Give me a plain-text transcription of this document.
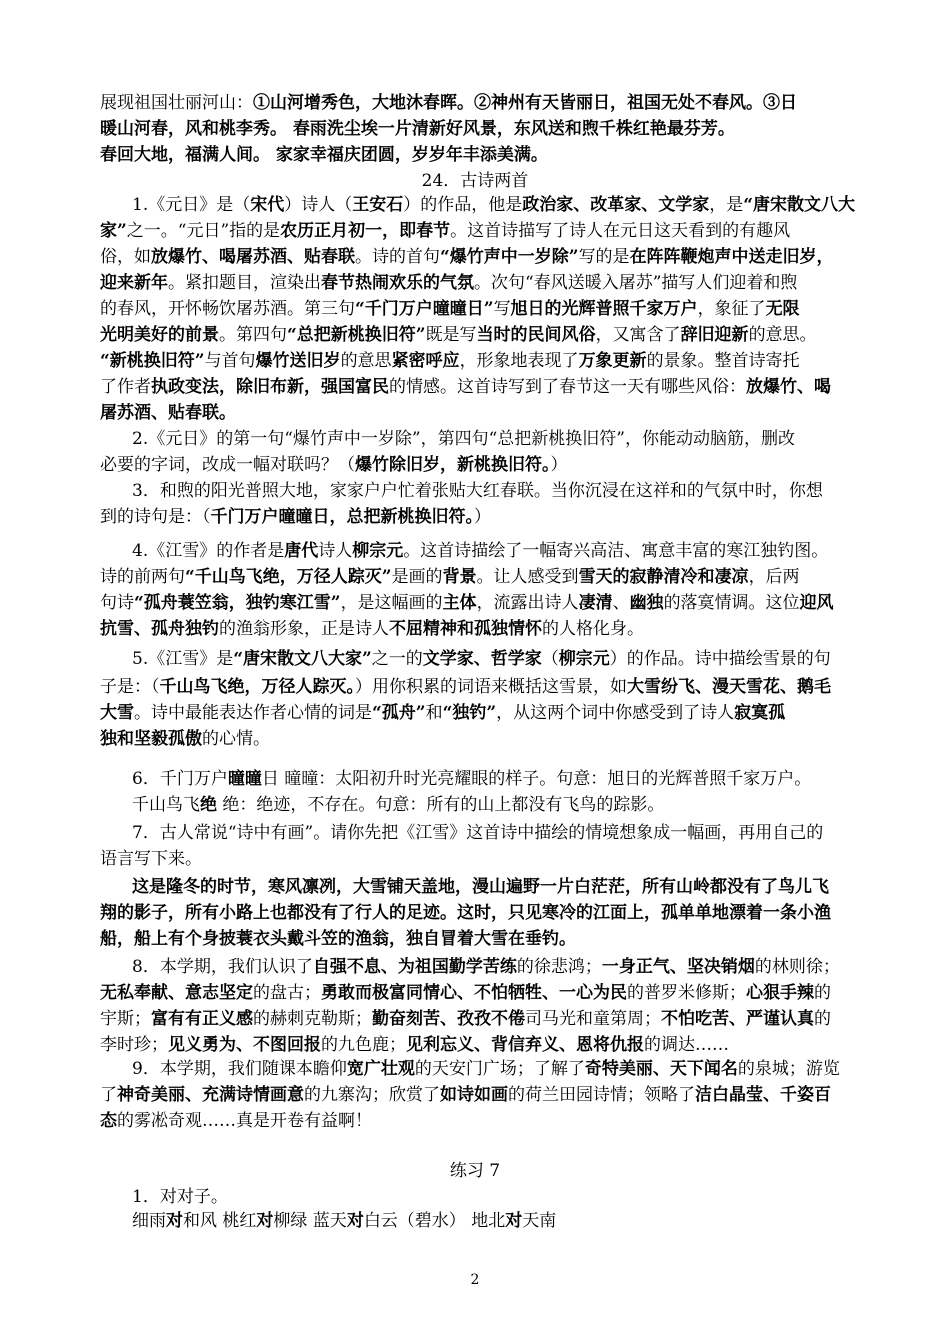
展现祖国壮丽河山：①山河增秀色，大地沐春晖。②神州有天皆丽日，祖国无处不春风。③日
暖山河春，风和桃李秀。 春雨洗尘埃一片清新好风景，东风送和煦千株红艳最芬芳。
春回大地，福满人间。 家家幸福庆团圆，岁岁年丰添美满。
24．古诗两首
1.《元日》是（宋代）诗人（王安石）的作品，他是政治家、改革家、文学家，是“唐宋散文八大
家”之一。“元日”指的是农历正月初一，即春节。这首诗描写了诗人在元日这天看到的有趣风
俗，如放爆竹、喝屠苏酒、贴春联。诗的首句“爆竹声中一岁除”写的是在阵阵鞭炮声中送走旧岁，
迎来新年。紧扣题目，渲染出春节热闹欢乐的气氛。次句“春风送暖入屠苏”描写人们迎着和煦
的春风，开怀畅饮屠苏酒。第三句“千门万户曈曈日”写旭日的光辉普照千家万户，象征了无限
光明美好的前景。第四句“总把新桃换旧符”既是写当时的民间风俗，又寓含了辞旧迎新的意思。
“新桃换旧符”与首句爆竹送旧岁的意思紧密呼应，形象地表现了万象更新的景象。整首诗寄托
了作者执政变法，除旧布新，强国富民的情感。这首诗写到了春节这一天有哪些风俗：放爆竹、喝
屠苏酒、贴春联。
2.《元日》的第一句“爆竹声中一岁除”，第四句“总把新桃换旧符”，你能动动脑筋，删改
必要的字词，改成一幅对联吗？（爆竹除旧岁，新桃换旧符。）
3．和煦的阳光普照大地，家家户户忙着张贴大红春联。当你沉浸在这祥和的气氛中时，你想
到的诗句是：（千门万户曈曈日，总把新桃换旧符。）
4.《江雪》的作者是唐代诗人柳宗元。这首诗描绘了一幅寄兴高洁、寓意丰富的寒江独钓图。
诗的前两句“千山鸟飞绝，万径人踪灭”是画的背景。让人感受到雪天的寂静清冷和凄凉，后两
句诗“孤舟蓑笠翁，独钓寒江雪”，是这幅画的主体，流露出诗人凄清、幽独的落寞情调。这位迎风
抗雪、孤舟独钓的渔翁形象，正是诗人不屈精神和孤独情怀的人格化身。
5.《江雪》是“唐宋散文八大家”之一的文学家、哲学家（柳宗元）的作品。诗中描绘雪景的句
子是：（千山鸟飞绝，万径人踪灭。）用你积累的词语来概括这雪景，如大雪纷飞、漫天雪花、鹅毛
大雪。诗中最能表达作者心情的词是“孤舟”和“独钓”，从这两个词中你感受到了诗人寂寞孤
独和坚毅孤傲的心情。
6．千门万户曈曈日 曈曈：太阳初升时光亮耀眼的样子。句意：旭日的光辉普照千家万户。
千山鸟飞绝 绝：绝迹，不存在。句意：所有的山上都没有飞鸟的踪影。
7．古人常说“诗中有画”。请你先把《江雪》这首诗中描绘的情境想象成一幅画，再用自己的
语言写下来。
这是隆冬的时节，寒风凛冽，大雪铺天盖地，漫山遍野一片白茫茫，所有山岭都没有了鸟儿飞
翔的影子，所有小路上也都没有了行人的足迹。这时，只见寒冷的江面上，孤单单地漂着一条小渔
船，船上有个身披蓑衣头戴斗笠的渔翁，独自冒着大雪在垂钓。
8．本学期，我们认识了自强不息、为祖国勤学苦练的徐悲鸿；一身正气、坚决销烟的林则徐；
无私奉献、意志坚定的盘古；勇敢而极富同情心、不怕牺牲、一心为民的普罗米修斯；心狠手辣的
宇斯；富有有正义感的赫刺克勒斯；勤奋刻苦、孜孜不倦司马光和童第周；不怕吃苦、严谨认真的
李时珍；见义勇为、不图回报的九色鹿；见利忘义、背信弃义、恩将仇报的调达……
9．本学期，我们随课本瞻仰宽广壮观的天安门广场；了解了奇特美丽、天下闻名的泉城；游览
了神奇美丽、充满诗情画意的九寨沟；欣赏了如诗如画的荷兰田园诗情；领略了洁白晶莹、千姿百
态的雾凇奇观……真是开卷有益啊！
练习 7
1．对对子。
细雨对和风 桃红对柳绿 蓝天对白云（碧水） 地北对天南
2
